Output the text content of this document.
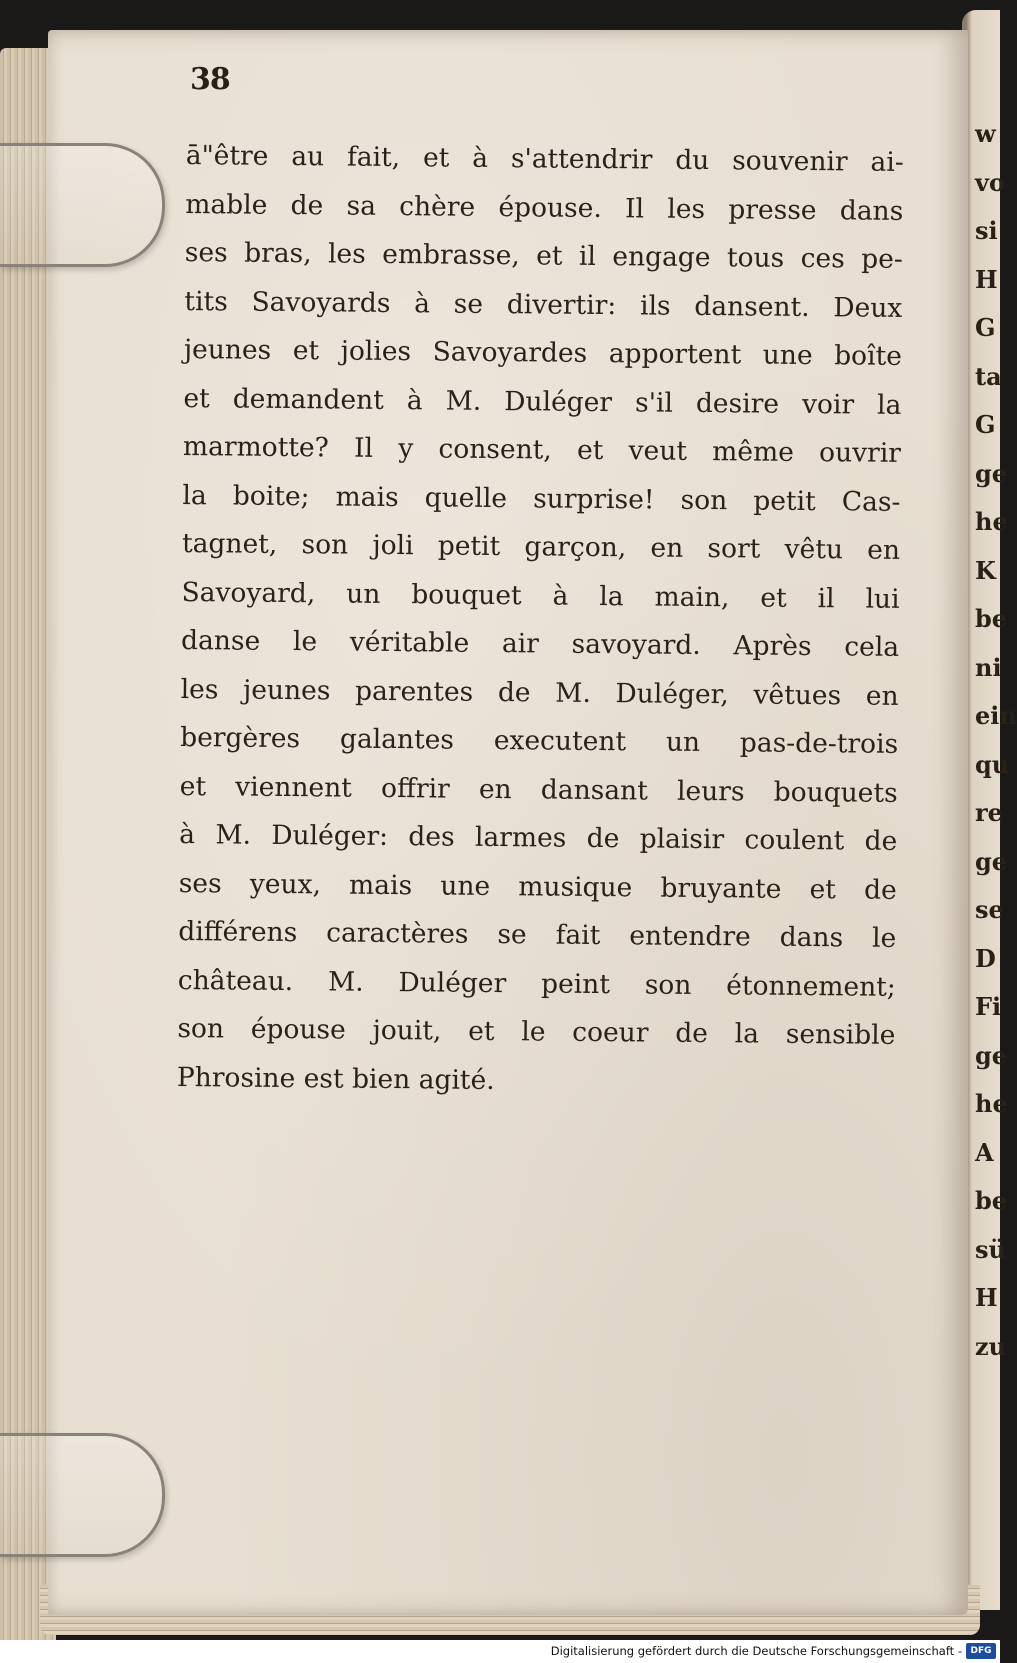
w
vo
si
H
G
ta
G
ge
he
K
be
ni
ein
qu
re
ge
se
D
Fi
ge
he
A
be
sü
H
zu
38
ā"être au fait, et à s'attendrir du souvenir ai-
mable de sa chère épouse. Il les presse dans
ses bras, les embrasse, et il engage tous ces pe-
tits Savoyards à se divertir: ils dansent. Deux
jeunes et jolies Savoyardes apportent une boîte
et demandent à M. Duléger s'il desire voir la
marmotte? Il y consent, et veut même ouvrir
la boite; mais quelle surprise! son petit Cas-
tagnet, son joli petit garçon, en sort vêtu en
Savoyard, un bouquet à la main, et il lui
danse le véritable air savoyard. Après cela
les jeunes parentes de M. Duléger, vêtues en
bergères galantes executent un pas-de-trois
et viennent offrir en dansant leurs bouquets
à M. Duléger: des larmes de plaisir coulent de
ses yeux, mais une musique bruyante et de
différens caractères se fait entendre dans le
château. M. Duléger peint son étonnement;
son épouse jouit, et le coeur de la sensible
Phrosine est bien agité.
Digitalisierung gefördert durch die Deutsche Forschungsgemeinschaft - DFG
